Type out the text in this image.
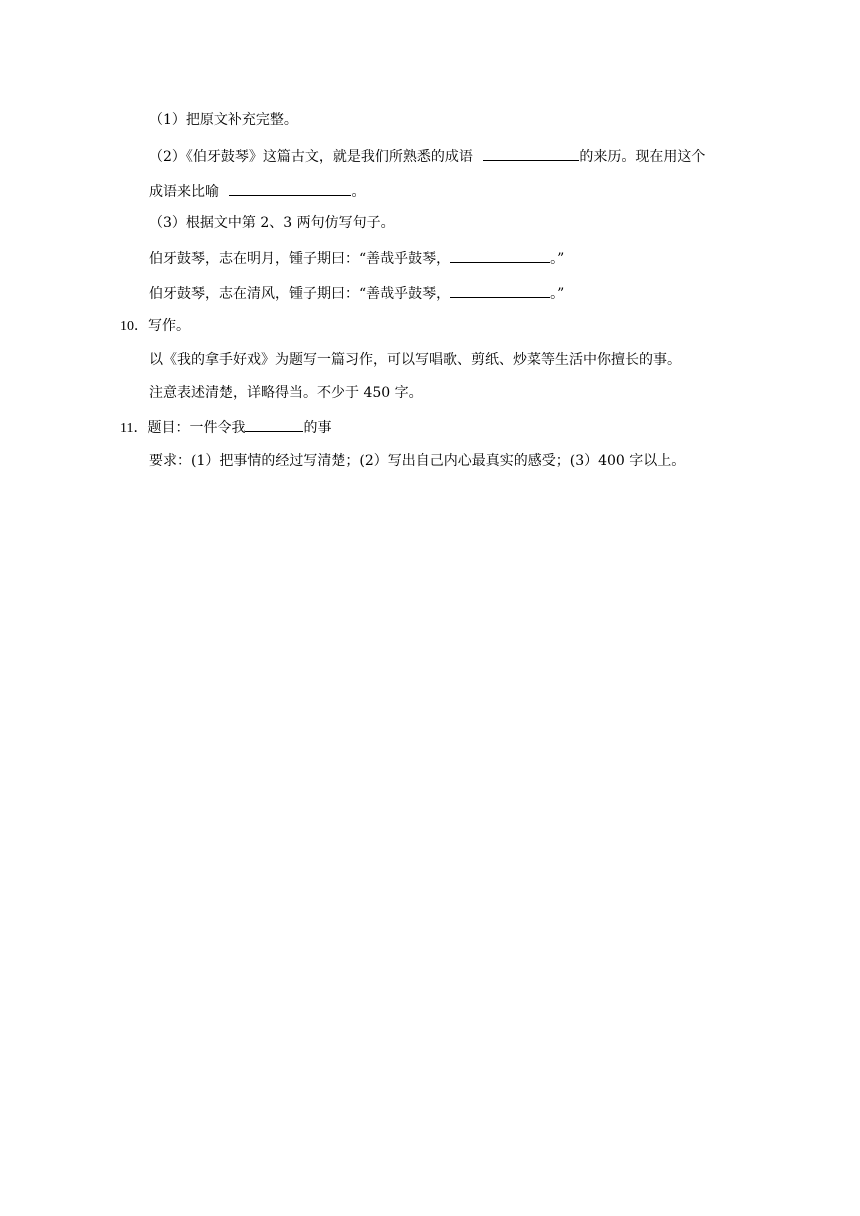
（1）把原文补充完整。
（2）《伯牙鼓琴》这篇古文，就是我们所熟悉的成语	的来历。现在用这个
成语来比喻	。
（3）根据文中第 2、3 两句仿写句子。
伯牙鼓琴，志在明月，锺子期曰：“善哉乎鼓琴，	。”
伯牙鼓琴，志在清风，锺子期曰：“善哉乎鼓琴，	。”
10．写作。
以《我的拿手好戏》为题写一篇习作，可以写唱歌、剪纸、炒菜等生活中你擅长的事。
注意表述清楚，详略得当。不少于 450 字。
11．题目：一件令我	的事
要求：(1）把事情的经过写清楚；(2）写出自己内心最真实的感受；(3）400 字以上。
